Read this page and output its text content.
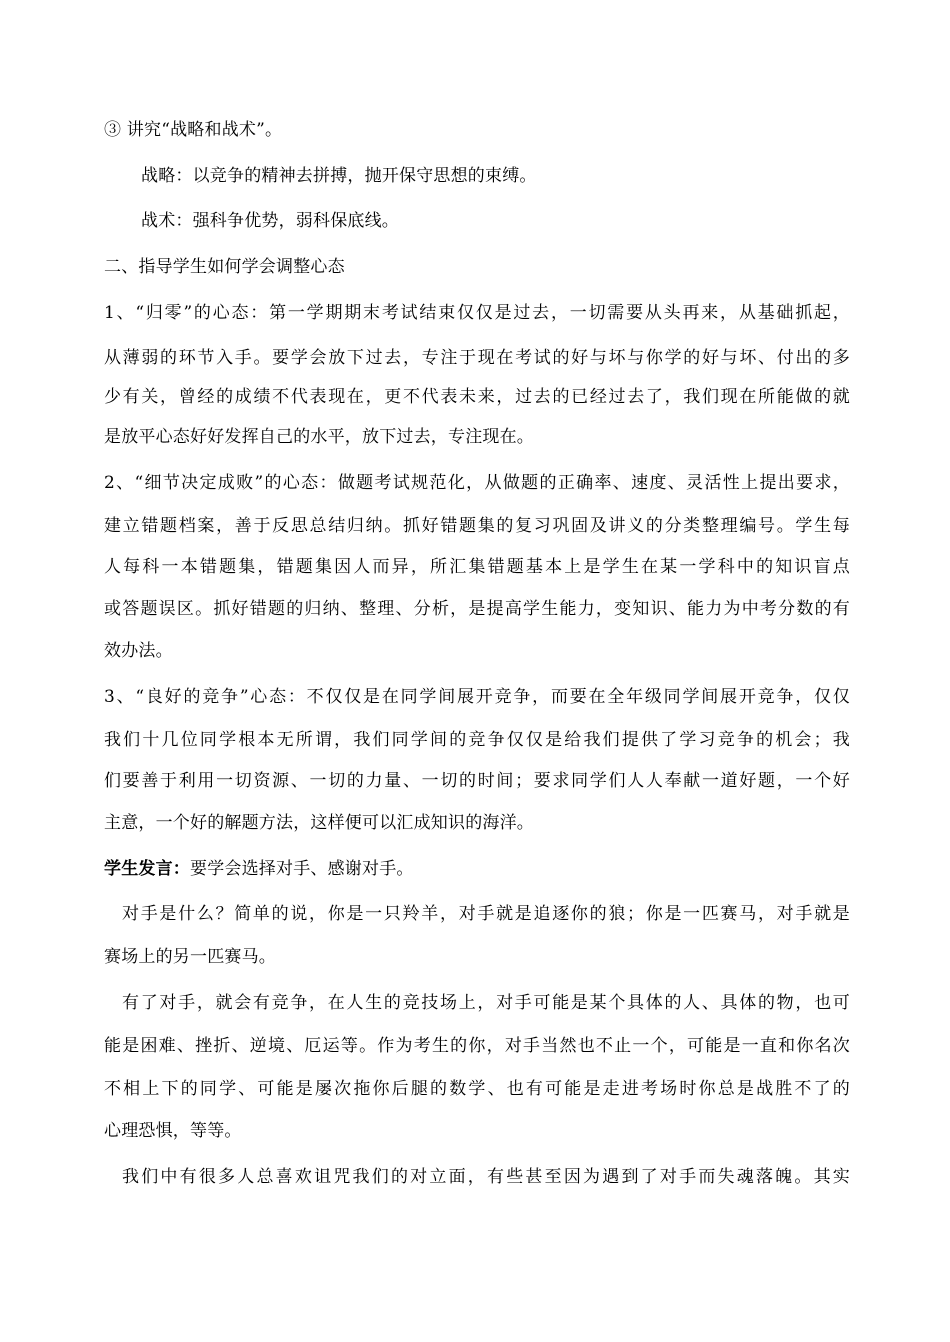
③ 讲究“战略和战术”。
战略：以竞争的精神去拼搏，抛开保守思想的束缚。
战术：强科争优势，弱科保底线。
二、指导学生如何学会调整心态
1、“归零”的心态：第一学期期末考试结束仅仅是过去，一切需要从头再来，从基础抓起，
从薄弱的环节入手。要学会放下过去，专注于现在考试的好与坏与你学的好与坏、付出的多
少有关，曾经的成绩不代表现在，更不代表未来，过去的已经过去了，我们现在所能做的就
是放平心态好好发挥自己的水平，放下过去，专注现在。
2、“细节决定成败”的心态：做题考试规范化，从做题的正确率、速度、灵活性上提出要求，
建立错题档案，善于反思总结归纳。抓好错题集的复习巩固及讲义的分类整理编号。学生每
人每科一本错题集，错题集因人而异，所汇集错题基本上是学生在某一学科中的知识盲点
或答题误区。抓好错题的归纳、整理、分析，是提高学生能力，变知识、能力为中考分数的有
效办法。
3、“良好的竞争”心态：不仅仅是在同学间展开竞争，而要在全年级同学间展开竞争，仅仅
我们十几位同学根本无所谓，我们同学间的竞争仅仅是给我们提供了学习竞争的机会；我
们要善于利用一切资源、一切的力量、一切的时间；要求同学们人人奉献一道好题，一个好
主意，一个好的解题方法，这样便可以汇成知识的海洋。
学生发言：要学会选择对手、感谢对手。
对手是什么？简单的说，你是一只羚羊，对手就是追逐你的狼；你是一匹赛马，对手就是
赛场上的另一匹赛马。
有了对手，就会有竞争，在人生的竞技场上，对手可能是某个具体的人、具体的物，也可
能是困难、挫折、逆境、厄运等。作为考生的你，对手当然也不止一个，可能是一直和你名次
不相上下的同学、可能是屡次拖你后腿的数学、也有可能是走进考场时你总是战胜不了的
心理恐惧，等等。
我们中有很多人总喜欢诅咒我们的对立面，有些甚至因为遇到了对手而失魂落魄。其实
